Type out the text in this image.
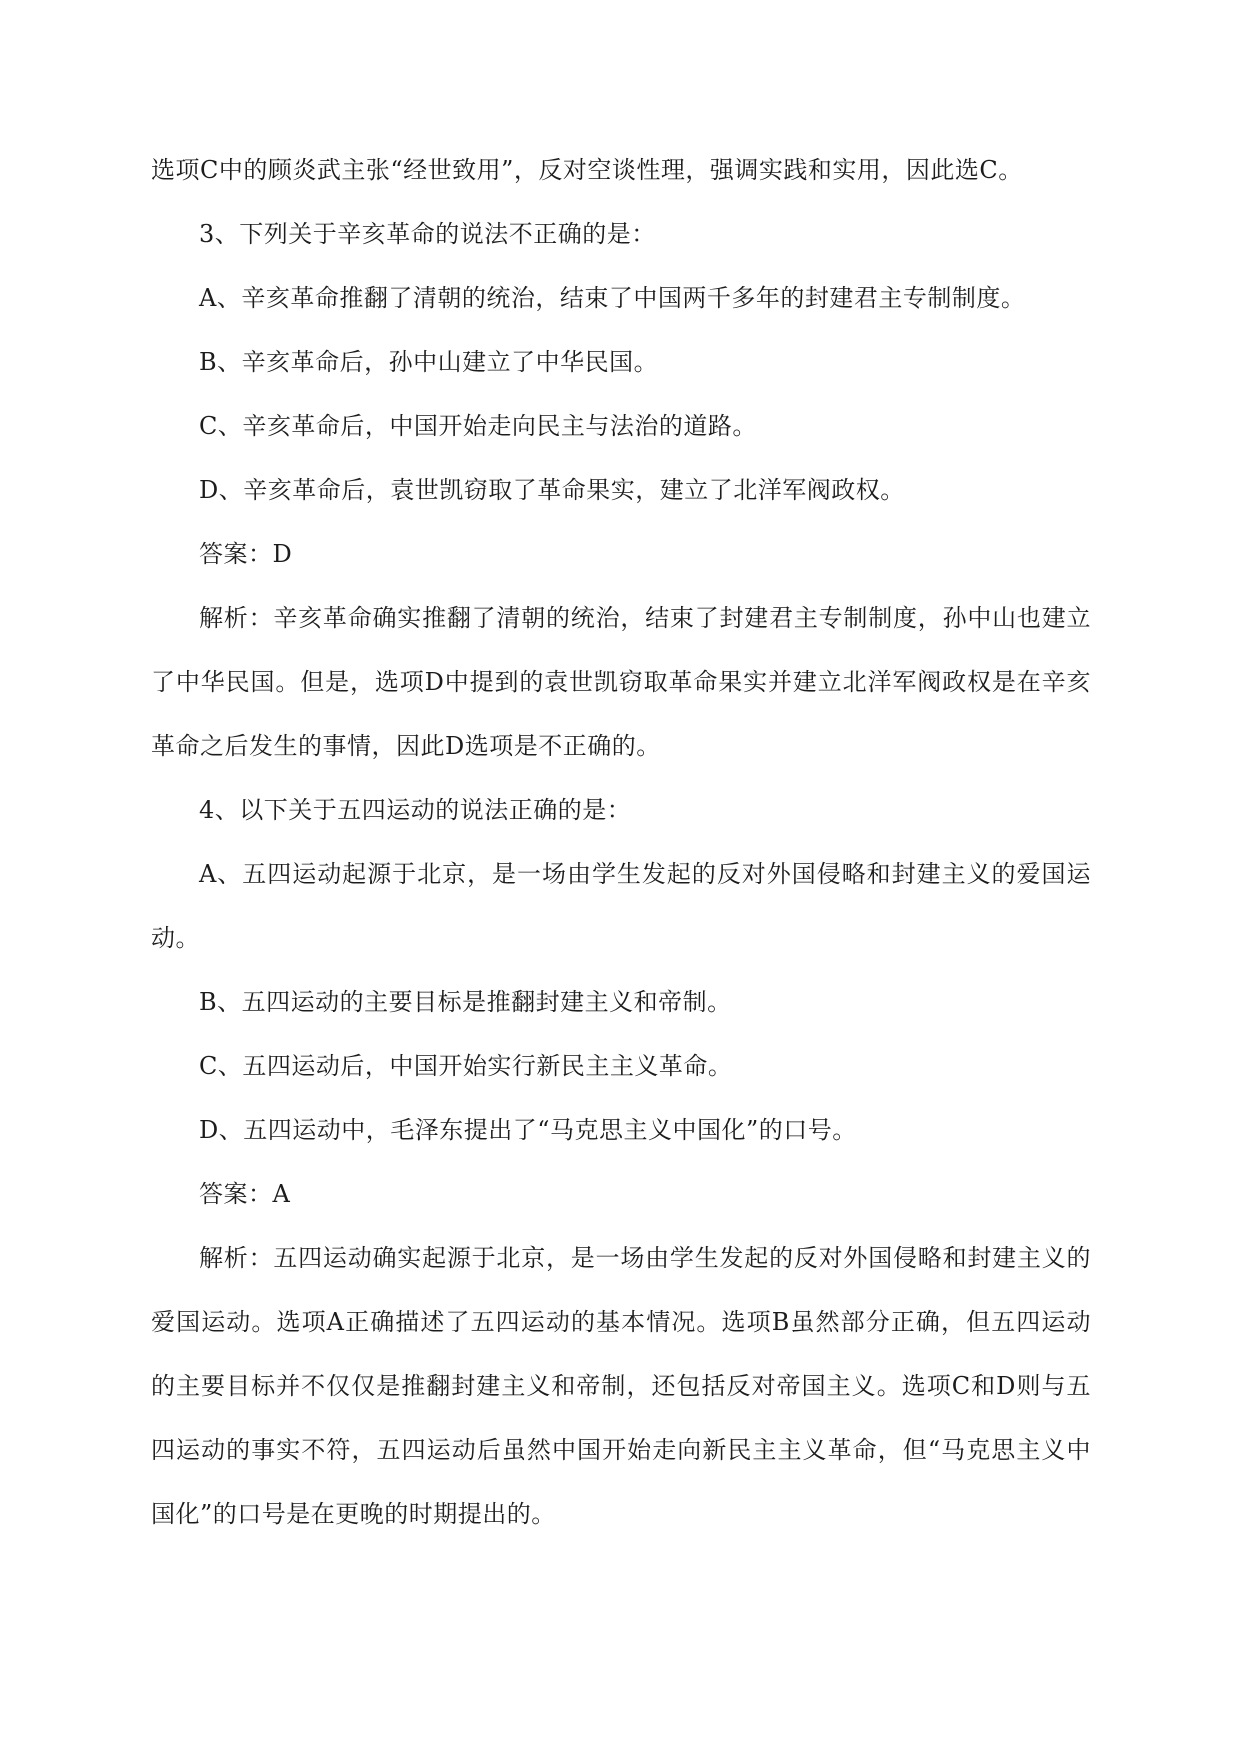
选项C中的顾炎武主张“经世致用”，反对空谈性理，强调实践和实用，因此选C。

3、下列关于辛亥革命的说法不正确的是：

A、辛亥革命推翻了清朝的统治，结束了中国两千多年的封建君主专制制度。

B、辛亥革命后，孙中山建立了中华民国。

C、辛亥革命后，中国开始走向民主与法治的道路。

D、辛亥革命后，袁世凯窃取了革命果实，建立了北洋军阀政权。

答案：D

解析：辛亥革命确实推翻了清朝的统治，结束了封建君主专制制度，孙中山也建立了中华民国。但是，选项D中提到的袁世凯窃取革命果实并建立北洋军阀政权是在辛亥革命之后发生的事情，因此D选项是不正确的。

4、以下关于五四运动的说法正确的是：

A、五四运动起源于北京，是一场由学生发起的反对外国侵略和封建主义的爱国运动。

B、五四运动的主要目标是推翻封建主义和帝制。

C、五四运动后，中国开始实行新民主主义革命。

D、五四运动中，毛泽东提出了“马克思主义中国化”的口号。

答案：A

解析：五四运动确实起源于北京，是一场由学生发起的反对外国侵略和封建主义的爱国运动。选项A正确描述了五四运动的基本情况。选项B虽然部分正确，但五四运动的主要目标并不仅仅是推翻封建主义和帝制，还包括反对帝国主义。选项C和D则与五四运动的事实不符，五四运动后虽然中国开始走向新民主主义革命，但“马克思主义中国化”的口号是在更晚的时期提出的。
